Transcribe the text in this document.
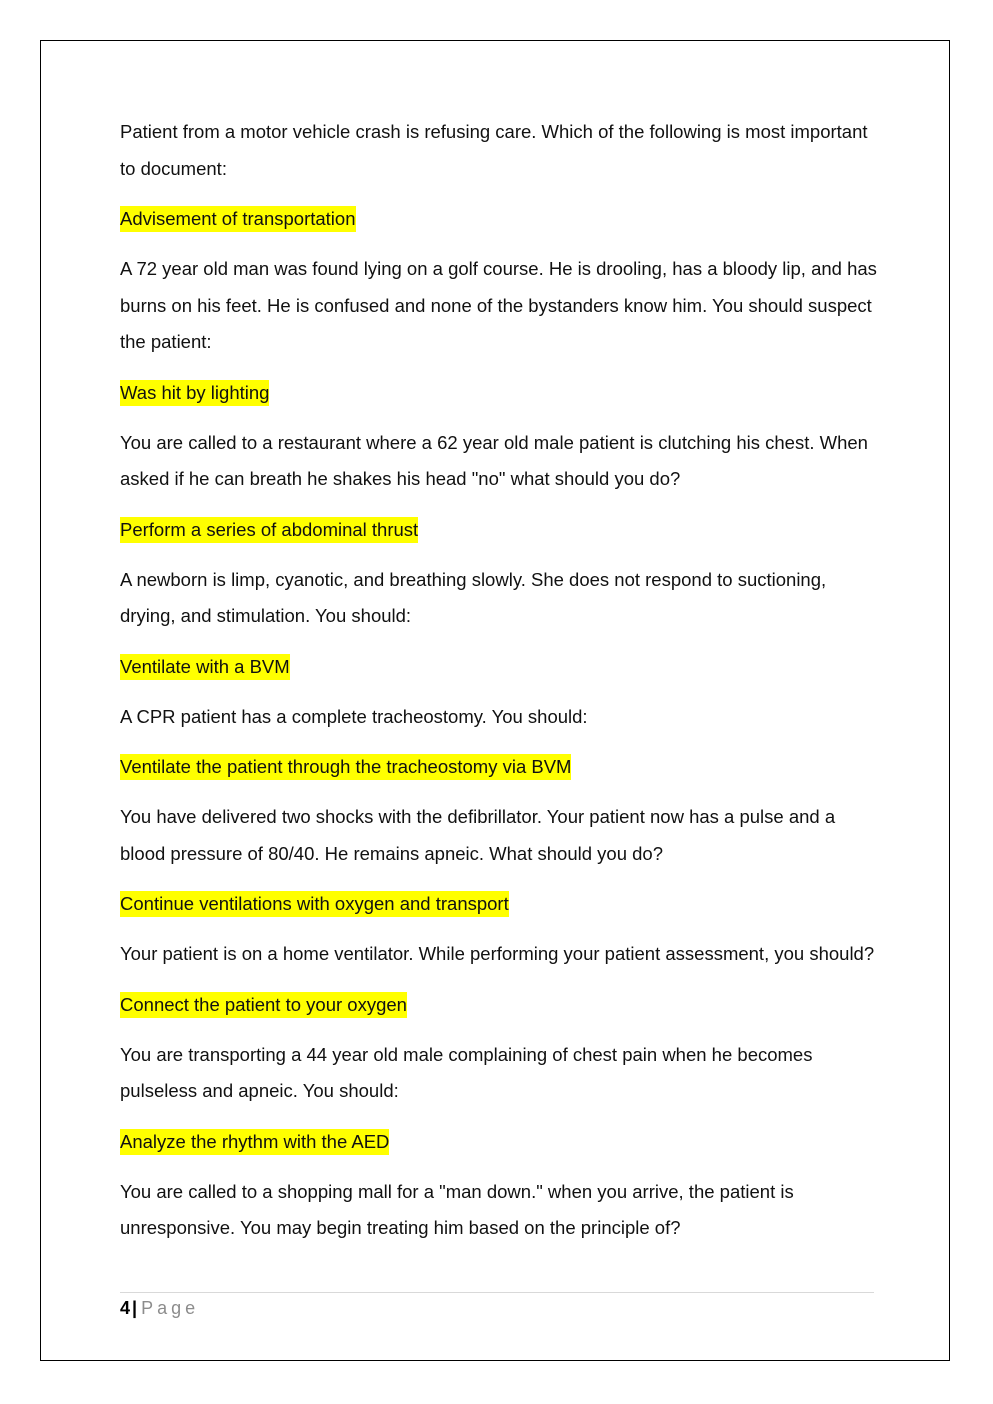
Patient from a motor vehicle crash is refusing care. Which of the following is most important to document:

Advisement of transportation

A 72 year old man was found lying on a golf course. He is drooling, has a bloody lip, and has burns on his feet. He is confused and none of the bystanders know him. You should suspect the patient:

Was hit by lighting

You are called to a restaurant where a 62 year old male patient is clutching his chest. When asked if he can breath he shakes his head "no" what should you do?

Perform a series of abdominal thrust

A newborn is limp, cyanotic, and breathing slowly. She does not respond to suctioning, drying, and stimulation. You should:

Ventilate with a BVM

A CPR patient has a complete tracheostomy. You should:

Ventilate the patient through the tracheostomy via BVM

You have delivered two shocks with the defibrillator. Your patient now has a pulse and a blood pressure of 80/40. He remains apneic. What should you do?

Continue ventilations with oxygen and transport

Your patient is on a home ventilator. While performing your patient assessment, you should?

Connect the patient to your oxygen

You are transporting a 44 year old male complaining of chest pain when he becomes pulseless and apneic. You should:

Analyze the rhythm with the AED

You are called to a shopping mall for a "man down." when you arrive, the patient is unresponsive. You may begin treating him based on the principle of?

4 | Page
